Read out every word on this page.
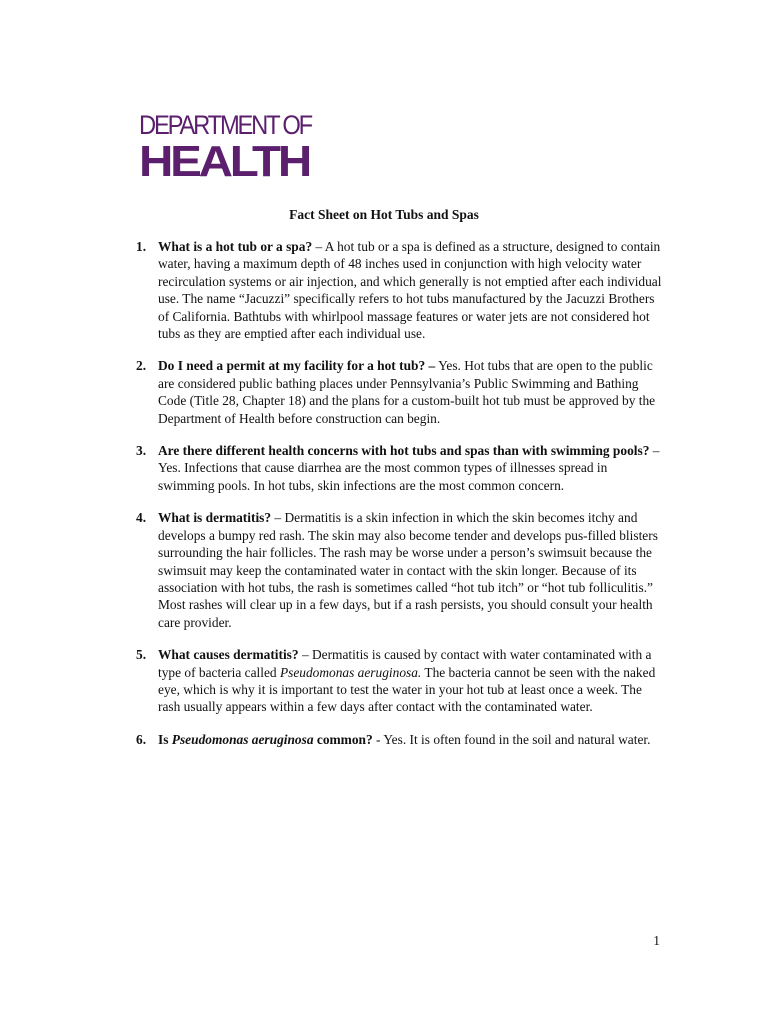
DEPARTMENT OF
HEALTH
Fact Sheet on Hot Tubs and Spas
1. What is a hot tub or a spa? – A hot tub or a spa is defined as a structure, designed to contain water, having a maximum depth of 48 inches used in conjunction with high velocity water recirculation systems or air injection, and which generally is not emptied after each individual use. The name “Jacuzzi” specifically refers to hot tubs manufactured by the Jacuzzi Brothers of California. Bathtubs with whirlpool massage features or water jets are not considered hot tubs as they are emptied after each individual use.
2. Do I need a permit at my facility for a hot tub? – Yes. Hot tubs that are open to the public are considered public bathing places under Pennsylvania’s Public Swimming and Bathing Code (Title 28, Chapter 18) and the plans for a custom-built hot tub must be approved by the Department of Health before construction can begin.
3. Are there different health concerns with hot tubs and spas than with swimming pools? – Yes. Infections that cause diarrhea are the most common types of illnesses spread in swimming pools. In hot tubs, skin infections are the most common concern.
4. What is dermatitis? – Dermatitis is a skin infection in which the skin becomes itchy and develops a bumpy red rash. The skin may also become tender and develops pus-filled blisters surrounding the hair follicles. The rash may be worse under a person’s swimsuit because the swimsuit may keep the contaminated water in contact with the skin longer. Because of its association with hot tubs, the rash is sometimes called “hot tub itch” or “hot tub folliculitis.” Most rashes will clear up in a few days, but if a rash persists, you should consult your health care provider.
5. What causes dermatitis? – Dermatitis is caused by contact with water contaminated with a type of bacteria called Pseudomonas aeruginosa. The bacteria cannot be seen with the naked eye, which is why it is important to test the water in your hot tub at least once a week. The rash usually appears within a few days after contact with the contaminated water.
6. Is Pseudomonas aeruginosa common? - Yes. It is often found in the soil and natural water.
1
